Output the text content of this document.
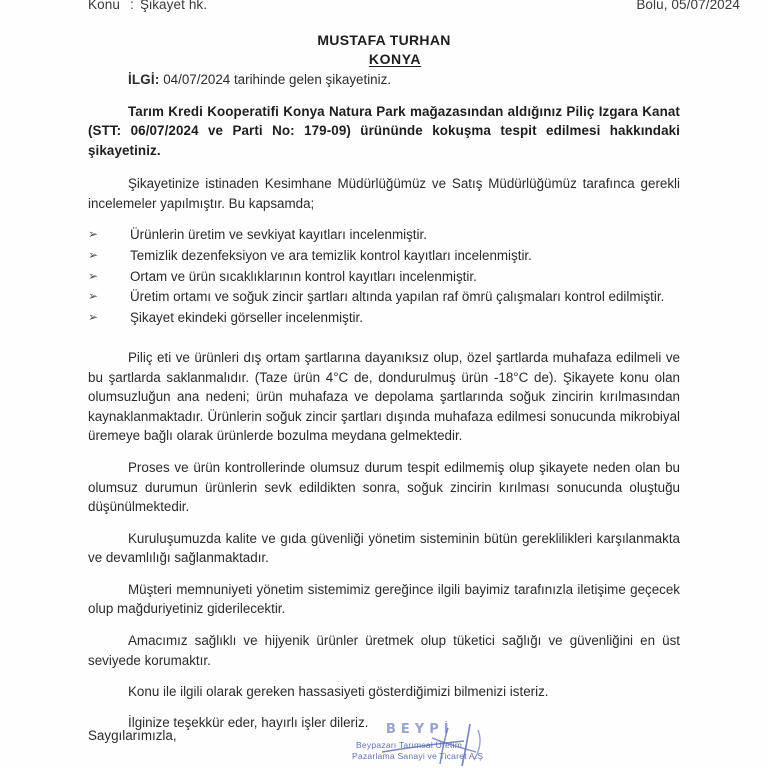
Konu : Şikayet hk.	Bolu, 05/07/2024
MUSTAFA TURHAN
KONYA

İLGİ: 04/07/2024 tarihinde gelen şikayetiniz.

Tarım Kredi Kooperatifi Konya Natura Park mağazasından aldığınız Piliç Izgara Kanat (STT: 06/07/2024 ve Parti No: 179-09) ürününde kokuşma tespit edilmesi hakkındaki şikayetiniz.

Şikayetinize istinaden Kesimhane Müdürlüğümüz ve Satış Müdürlüğümüz tarafınca gerekli incelemeler yapılmıştır. Bu kapsamda;

➢ Ürünlerin üretim ve sevkiyat kayıtları incelenmiştir.
➢ Temizlik dezenfeksiyon ve ara temizlik kontrol kayıtları incelenmiştir.
➢ Ortam ve ürün sıcaklıklarının kontrol kayıtları incelenmiştir.
➢ Üretim ortamı ve soğuk zincir şartları altında yapılan raf ömrü çalışmaları kontrol edilmiştir.
➢ Şikayet ekindeki görseller incelenmiştir.

Piliç eti ve ürünleri dış ortam şartlarına dayanıksız olup, özel şartlarda muhafaza edilmeli ve bu şartlarda saklanmalıdır. (Taze ürün 4°C de, dondurulmuş ürün -18°C de). Şikayete konu olan olumsuzluğun ana nedeni; ürün muhafaza ve depolama şartlarında soğuk zincirin kırılmasından kaynaklanmaktadır. Ürünlerin soğuk zincir şartları dışında muhafaza edilmesi sonucunda mikrobiyal üremeye bağlı olarak ürünlerde bozulma meydana gelmektedir.

Proses ve ürün kontrollerinde olumsuz durum tespit edilmemiş olup şikayete neden olan bu olumsuz durumun ürünlerin sevk edildikten sonra, soğuk zincirin kırılması sonucunda oluştuğu düşünülmektedir.

Kuruluşumuzda kalite ve gıda güvenliği yönetim sisteminin bütün gereklilikleri karşılanmakta ve devamlılığı sağlanmaktadır.

Müşteri memnuniyeti yönetim sistemimiz gereğince ilgili bayimiz tarafınızla iletişime geçecek olup mağduriyetiniz giderilecektir.

Amacımız sağlıklı ve hijyenik ürünler üretmek olup tüketici sağlığı ve güvenliğini en üst seviyede korumaktır.

Konu ile ilgili olarak gereken hassasiyeti gösterdiğimizi bilmenizi isteriz.

İlginize teşekkür eder, hayırlı işler dileriz.

Saygılarımızla,	BEYPİ
Beypazarı Tarımsal Üretim
Pazarlama Sanayi ve Ticaret A.Ş
